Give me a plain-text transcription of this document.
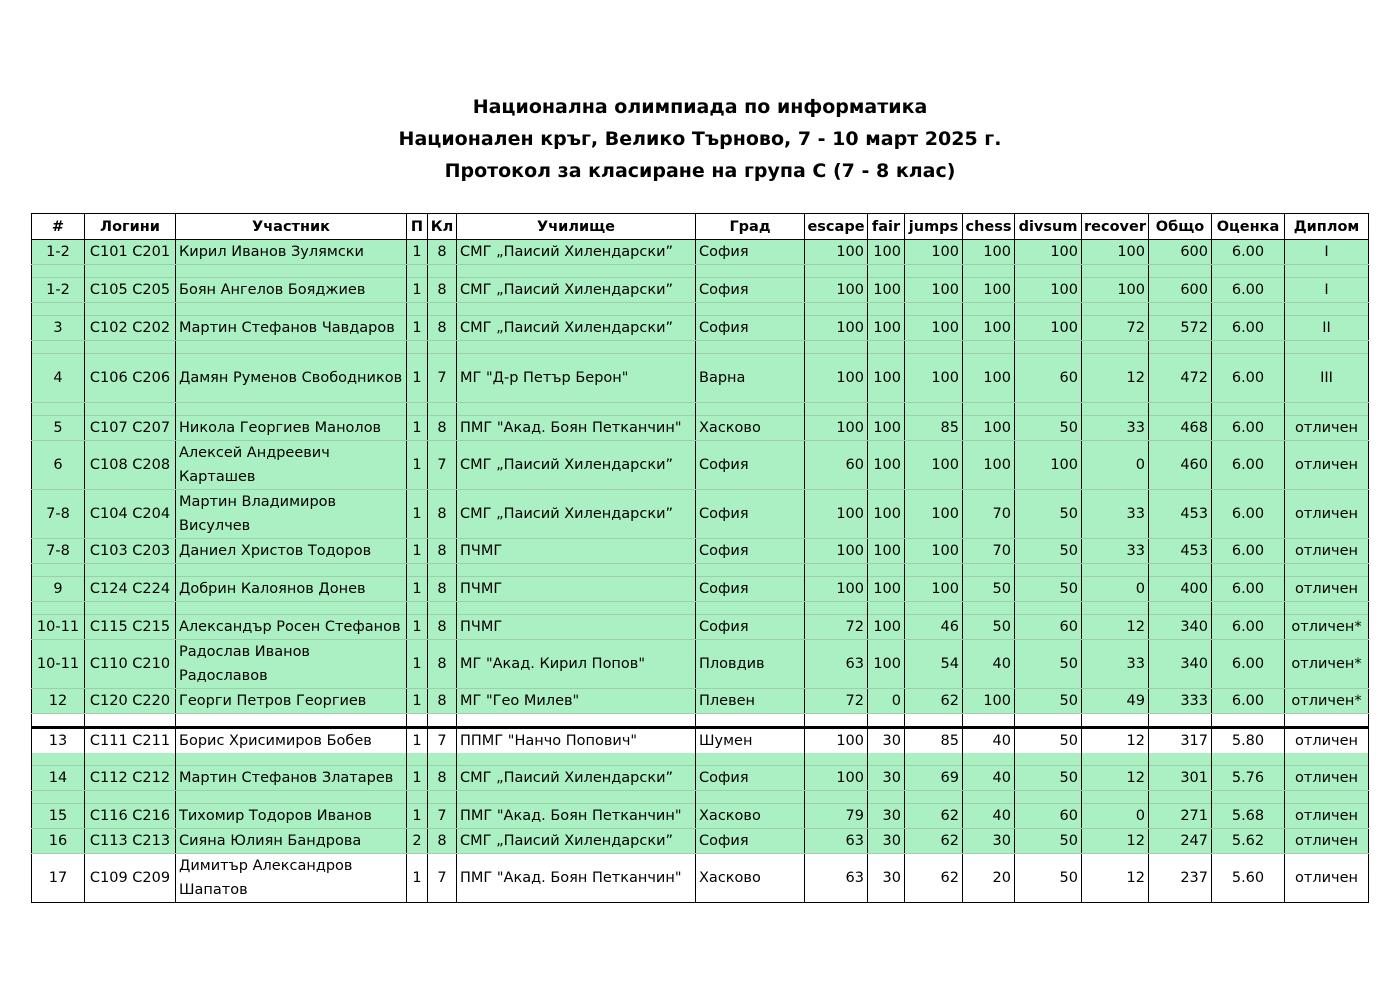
Национална олимпиада по информатика
Национален кръг, Велико Търново, 7 - 10 март 2025 г.
Протокол за класиране на група C (7 - 8 клас)
#	Логини	Участник	П	Кл	Училище	Град	escape	fair	jumps	chess	divsum	recover	Общо	Оценка	Диплом
1-2	C101 C201	Кирил Иванов Зулямски	1	8	СМГ „Паисий Хилендарски”	София	100	100	100	100	100	100	600	6.00	I

1-2	C105 C205	Боян Ангелов Бояджиев	1	8	СМГ „Паисий Хилендарски”	София	100	100	100	100	100	100	600	6.00	I

3	C102 C202	Мартин Стефанов Чавдаров	1	8	СМГ „Паисий Хилендарски”	София	100	100	100	100	100	72	572	6.00	II

4	C106 C206	Дамян Руменов Свободников	1	7	МГ "Д-р Петър Берон"	Варна	100	100	100	100	60	12	472	6.00	III

5	C107 C207	Никола Георгиев Манолов	1	8	ПМГ "Акад. Боян Петканчин"	Хасково	100	100	85	100	50	33	468	6.00	отличен
6	C108 C208	Алексей Андреевич Карташев	1	7	СМГ „Паисий Хилендарски”	София	60	100	100	100	100	0	460	6.00	отличен
7-8	C104 C204	Мартин Владимиров Висулчев	1	8	СМГ „Паисий Хилендарски”	София	100	100	100	70	50	33	453	6.00	отличен
7-8	C103 C203	Даниел Христов Тодоров	1	8	ПЧМГ	София	100	100	100	70	50	33	453	6.00	отличен

9	C124 C224	Добрин Калоянов Донев	1	8	ПЧМГ	София	100	100	100	50	50	0	400	6.00	отличен

10-11	C115 C215	Александър Росен Стефанов	1	8	ПЧМГ	София	72	100	46	50	60	12	340	6.00	отличен*
10-11	C110 C210	Радослав Иванов Радославов	1	8	МГ "Акад. Кирил Попов"	Пловдив	63	100	54	40	50	33	340	6.00	отличен*
12	C120 C220	Георги Петров Георгиев	1	8	МГ "Гео Милев"	Плевен	72	0	62	100	50	49	333	6.00	отличен*

13	C111 C211	Борис Хрисимиров Бобев	1	7	ППМГ "Нанчо Попович"	Шумен	100	30	85	40	50	12	317	5.80	отличен

14	C112 C212	Мартин Стефанов Златарев	1	8	СМГ „Паисий Хилендарски”	София	100	30	69	40	50	12	301	5.76	отличен

15	C116 C216	Тихомир Тодоров Иванов	1	7	ПМГ "Акад. Боян Петканчин"	Хасково	79	30	62	40	60	0	271	5.68	отличен
16	C113 C213	Сияна Юлиян Бандрова	2	8	СМГ „Паисий Хилендарски”	София	63	30	62	30	50	12	247	5.62	отличен
17	C109 C209	Димитър Александров Шапатов	1	7	ПМГ "Акад. Боян Петканчин"	Хасково	63	30	62	20	50	12	237	5.60	отличен
